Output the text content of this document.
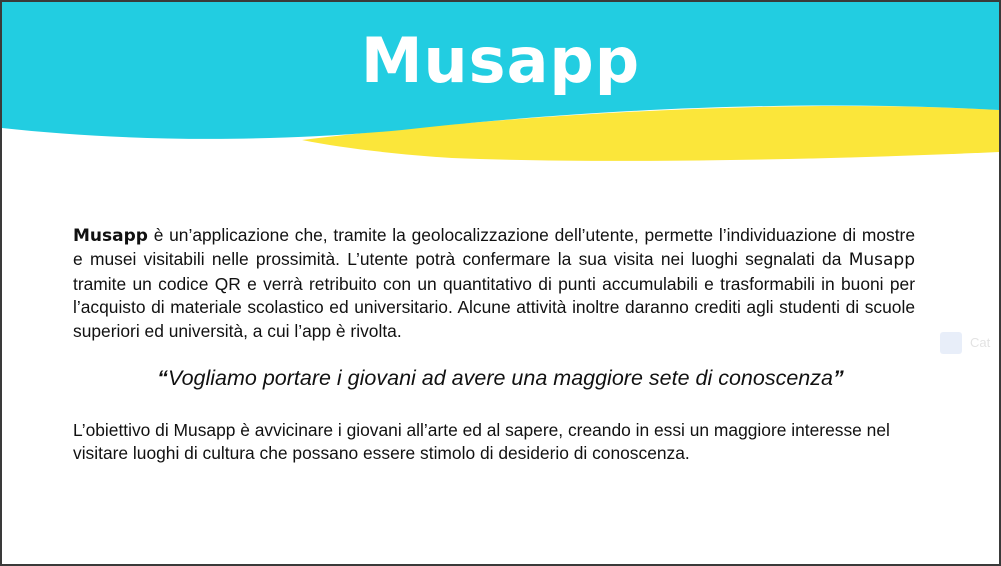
Musapp
Musapp è un’applicazione che, tramite la geolocalizzazione dell’utente, permette l’individuazione di mostre e musei visitabili nelle prossimità. L’utente potrà confermare la sua visita nei luoghi segnalati da Musapp tramite un codice QR e verrà retribuito con un quantitativo di punti accumulabili e trasformabili in buoni per l’acquisto di materiale scolastico ed universitario. Alcune attività inoltre daranno crediti agli studenti di scuole superiori ed università, a cui l’app è rivolta.
“Vogliamo portare i giovani ad avere una maggiore sete di conoscenza”
L’obiettivo di Musapp è avvicinare i giovani all’arte ed al sapere, creando in essi un maggiore interesse nel visitare luoghi di cultura che possano essere stimolo di desiderio di conoscenza.
Cat
